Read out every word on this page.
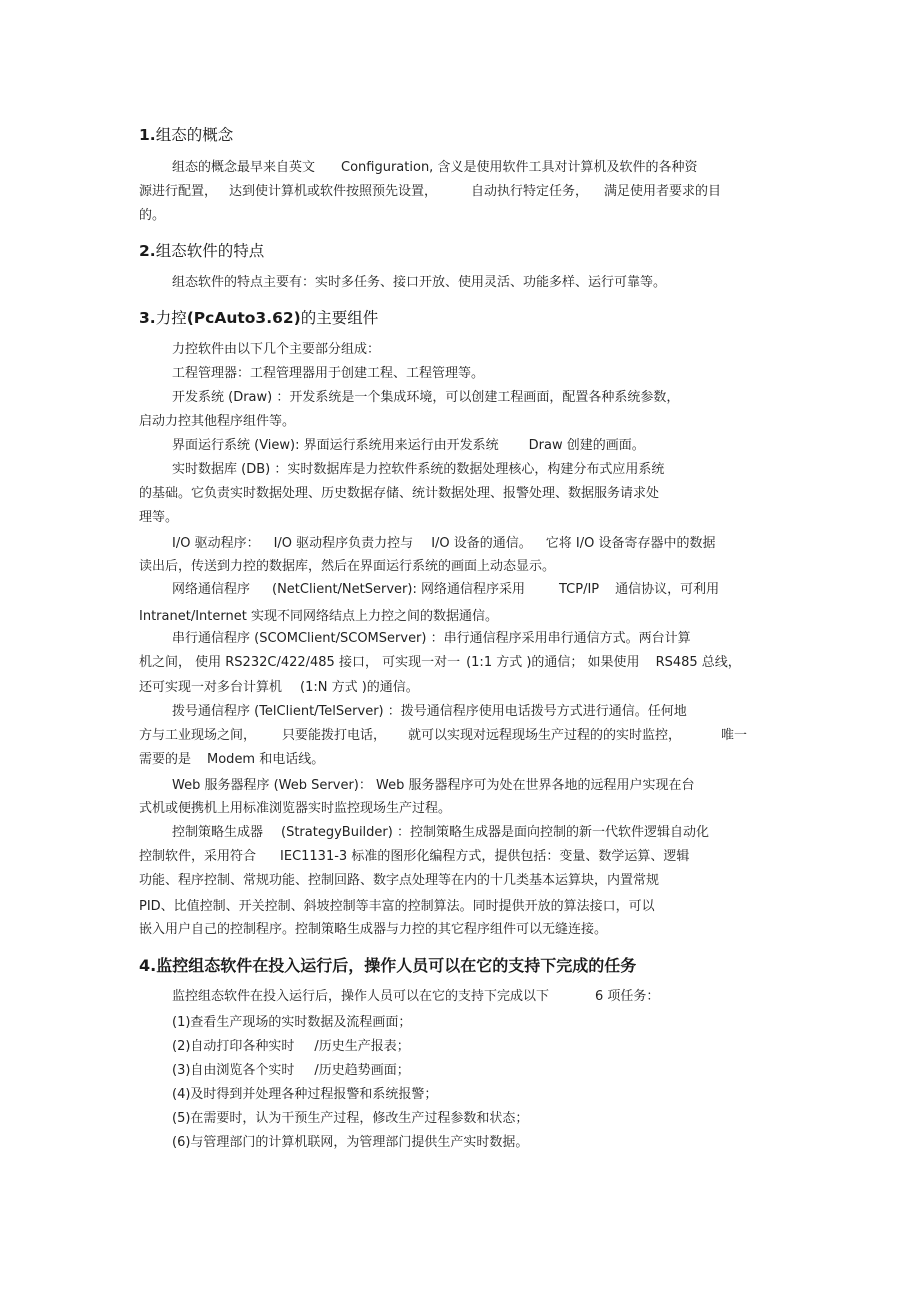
1.组态的概念

组态的概念最早来自英文 Configuration, 含义是使用软件工具对计算机及软件的各种资

源进行配置， 达到使计算机或软件按照预先设置，	自动执行特定任务， 满足使用者要求的目

的。

2.组态软件的特点

组态软件的特点主要有：实时多任务、接口开放、使用灵活、功能多样、运行可靠等。

3.力控(PcAuto3.62)的主要组件

力控软件由以下几个主要部分组成：

工程管理器：工程管理器用于创建工程、工程管理等。

开发系统 (Draw) ：开发系统是一个集成环境，可以创建工程画面，配置各种系统参数，

启动力控其他程序组件等。

界面运行系统 (View): 界面运行系统用来运行由开发系统 Draw 创建的画面。

实时数据库 (DB) ：实时数据库是力控软件系统的数据处理核心，构建分布式应用系统

的基础。它负责实时数据处理、历史数据存储、统计数据处理、报警处理、数据服务请求处

理等。

I/O 驱动程序： I/O 驱动程序负责力控与 I/O 设备的通信。 它将 I/O 设备寄存器中的数据

读出后，传送到力控的数据库，然后在界面运行系统的画面上动态显示。

网络通信程序 (NetClient/NetServer): 网络通信程序采用	TCP/IP 通信协议，可利用

Intranet/Internet 实现不同网络结点上力控之间的数据通信。

串行通信程序 (SCOMClient/SCOMServer) ：串行通信程序采用串行通信方式。两台计算

机之间， 使用 RS232C/422/485 接口， 可实现一对一 (1:1 方式 )的通信； 如果使用 RS485 总线，

还可实现一对多台计算机 (1:N 方式 )的通信。

拨号通信程序 (TelClient/TelServer) ：拨号通信程序使用电话拨号方式进行通信。任何地

方与工业现场之间， 只要能拨打电话， 就可以实现对远程现场生产过程的的实时监控，	唯一

需要的是 Modem 和电话线。

Web 服务器程序 (Web Server)： Web 服务器程序可为处在世界各地的远程用户实现在台

式机或便携机上用标准浏览器实时监控现场生产过程。

控制策略生成器 (StrategyBuilder) ：控制策略生成器是面向控制的新一代软件逻辑自动化

控制软件，采用符合 IEC1131-3 标准的图形化编程方式，提供包括：变量、数学运算、逻辑

功能、程序控制、常规功能、控制回路、数字点处理等在内的十几类基本运算块，内置常规

PID、比值控制、开关控制、斜坡控制等丰富的控制算法。同时提供开放的算法接口，可以

嵌入用户自己的控制程序。控制策略生成器与力控的其它程序组件可以无缝连接。

4.监控组态软件在投入运行后，操作人员可以在它的支持下完成的任务

监控组态软件在投入运行后，操作人员可以在它的支持下完成以下	6 项任务：

(1)查看生产现场的实时数据及流程画面；

(2)自动打印各种实时 /历史生产报表；

(3)自由浏览各个实时 /历史趋势画面；

(4)及时得到并处理各种过程报警和系统报警；

(5)在需要时，认为干预生产过程，修改生产过程参数和状态；

(6)与管理部门的计算机联网，为管理部门提供生产实时数据。
